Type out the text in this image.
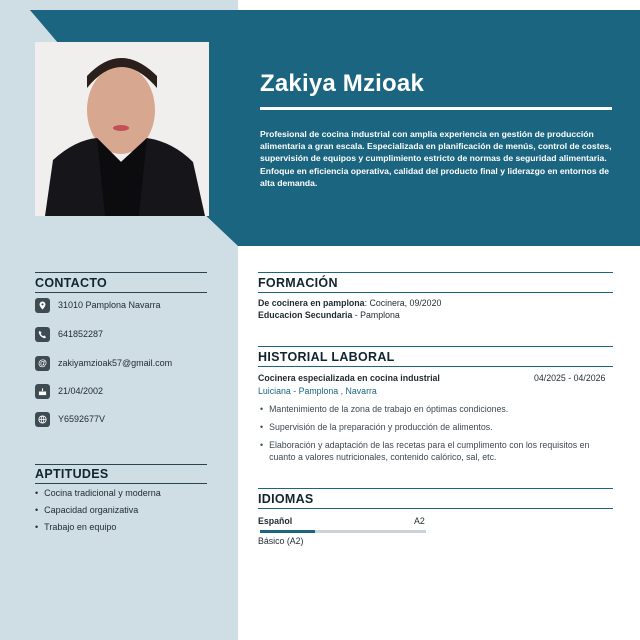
Zakiya Mzioak
Profesional de cocina industrial con amplia experiencia en gestión de producción alimentaria a gran escala. Especializada en planificación de menús, control de costes, supervisión de equipos y cumplimiento estricto de normas de seguridad alimentaria. Enfoque en eficiencia operativa, calidad del producto final y liderazgo en entornos de alta demanda.
CONTACTO
31010 Pamplona Navarra
641852287
@	zakiyamzioak57@gmail.com
21/04/2002
Y6592677V
APTITUDES
• Cocina tradicional y moderna
• Capacidad organizativa
• Trabajo en equipo
FORMACIÓN
De cocinera en pamplona: Cocinera, 09/2020
Educacion Secundaria - Pamplona
HISTORIAL LABORAL
Cocinera especializada en cocina industrial	04/2025 - 04/2026
Luiciana - Pamplona , Navarra
• Mantenimiento de la zona de trabajo en óptimas condiciones.
• Supervisión de la preparación y producción de alimentos.
• Elaboración y adaptación de las recetas para el cumplimento con los requisitos en cuanto a valores nutricionales, contenido calórico, sal, etc.
IDIOMAS
Español	A2
Básico (A2)
